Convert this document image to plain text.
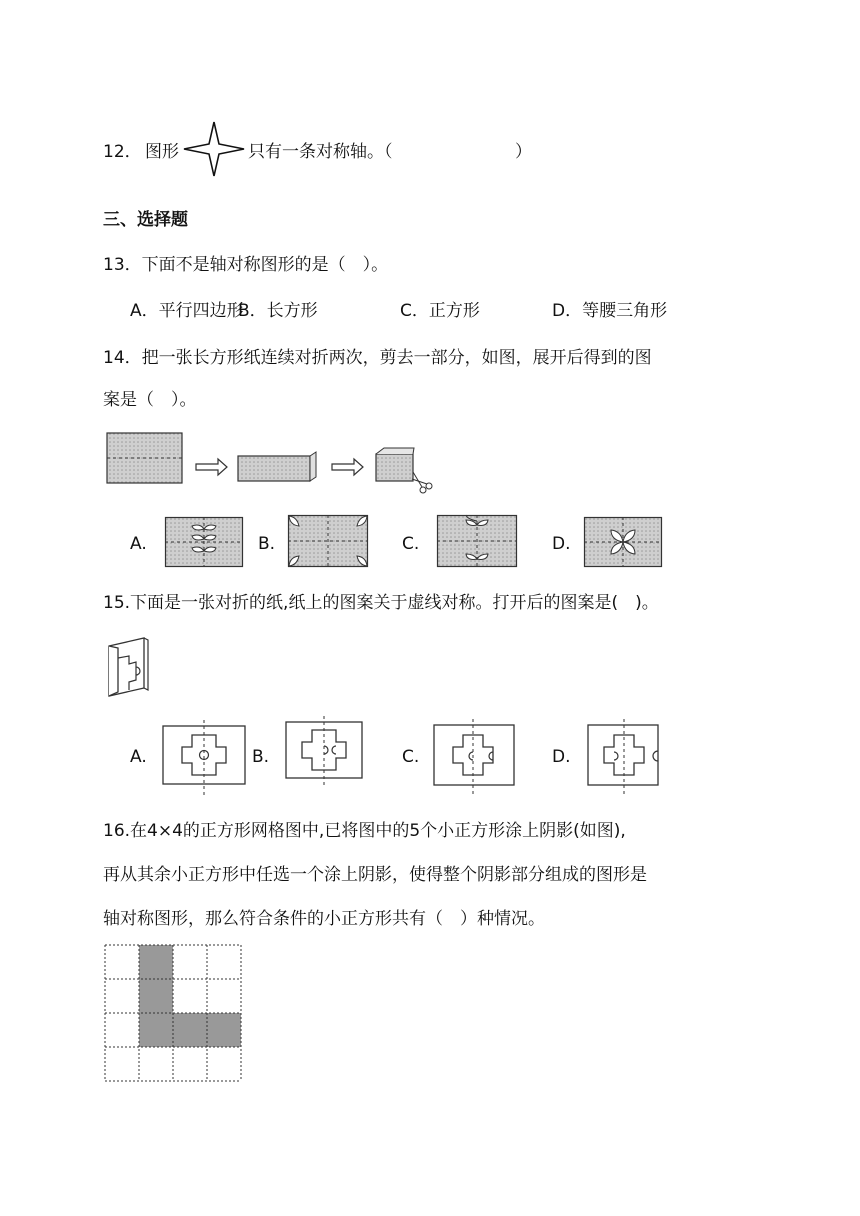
12． 图形	只有一条对称轴。（	）
三、选择题
13．下面不是轴对称图形的是（　）。
A．平行四边形
B．长方形	C．正方形	D．等腰三角形
14．把一张长方形纸连续对折两次，剪去一部分，如图，展开后得到的图
案是（　）。
A.	B.	C.	D.
15.下面是一张对折的纸,纸上的图案关于虚线对称。打开后的图案是(　)。
A.	B.	C.	D.
16.在4×4的正方形网格图中,已将图中的5个小正方形涂上阴影(如图),
再从其余小正方形中任选一个涂上阴影，使得整个阴影部分组成的图形是
轴对称图形，那么符合条件的小正方形共有（　）种情况。
